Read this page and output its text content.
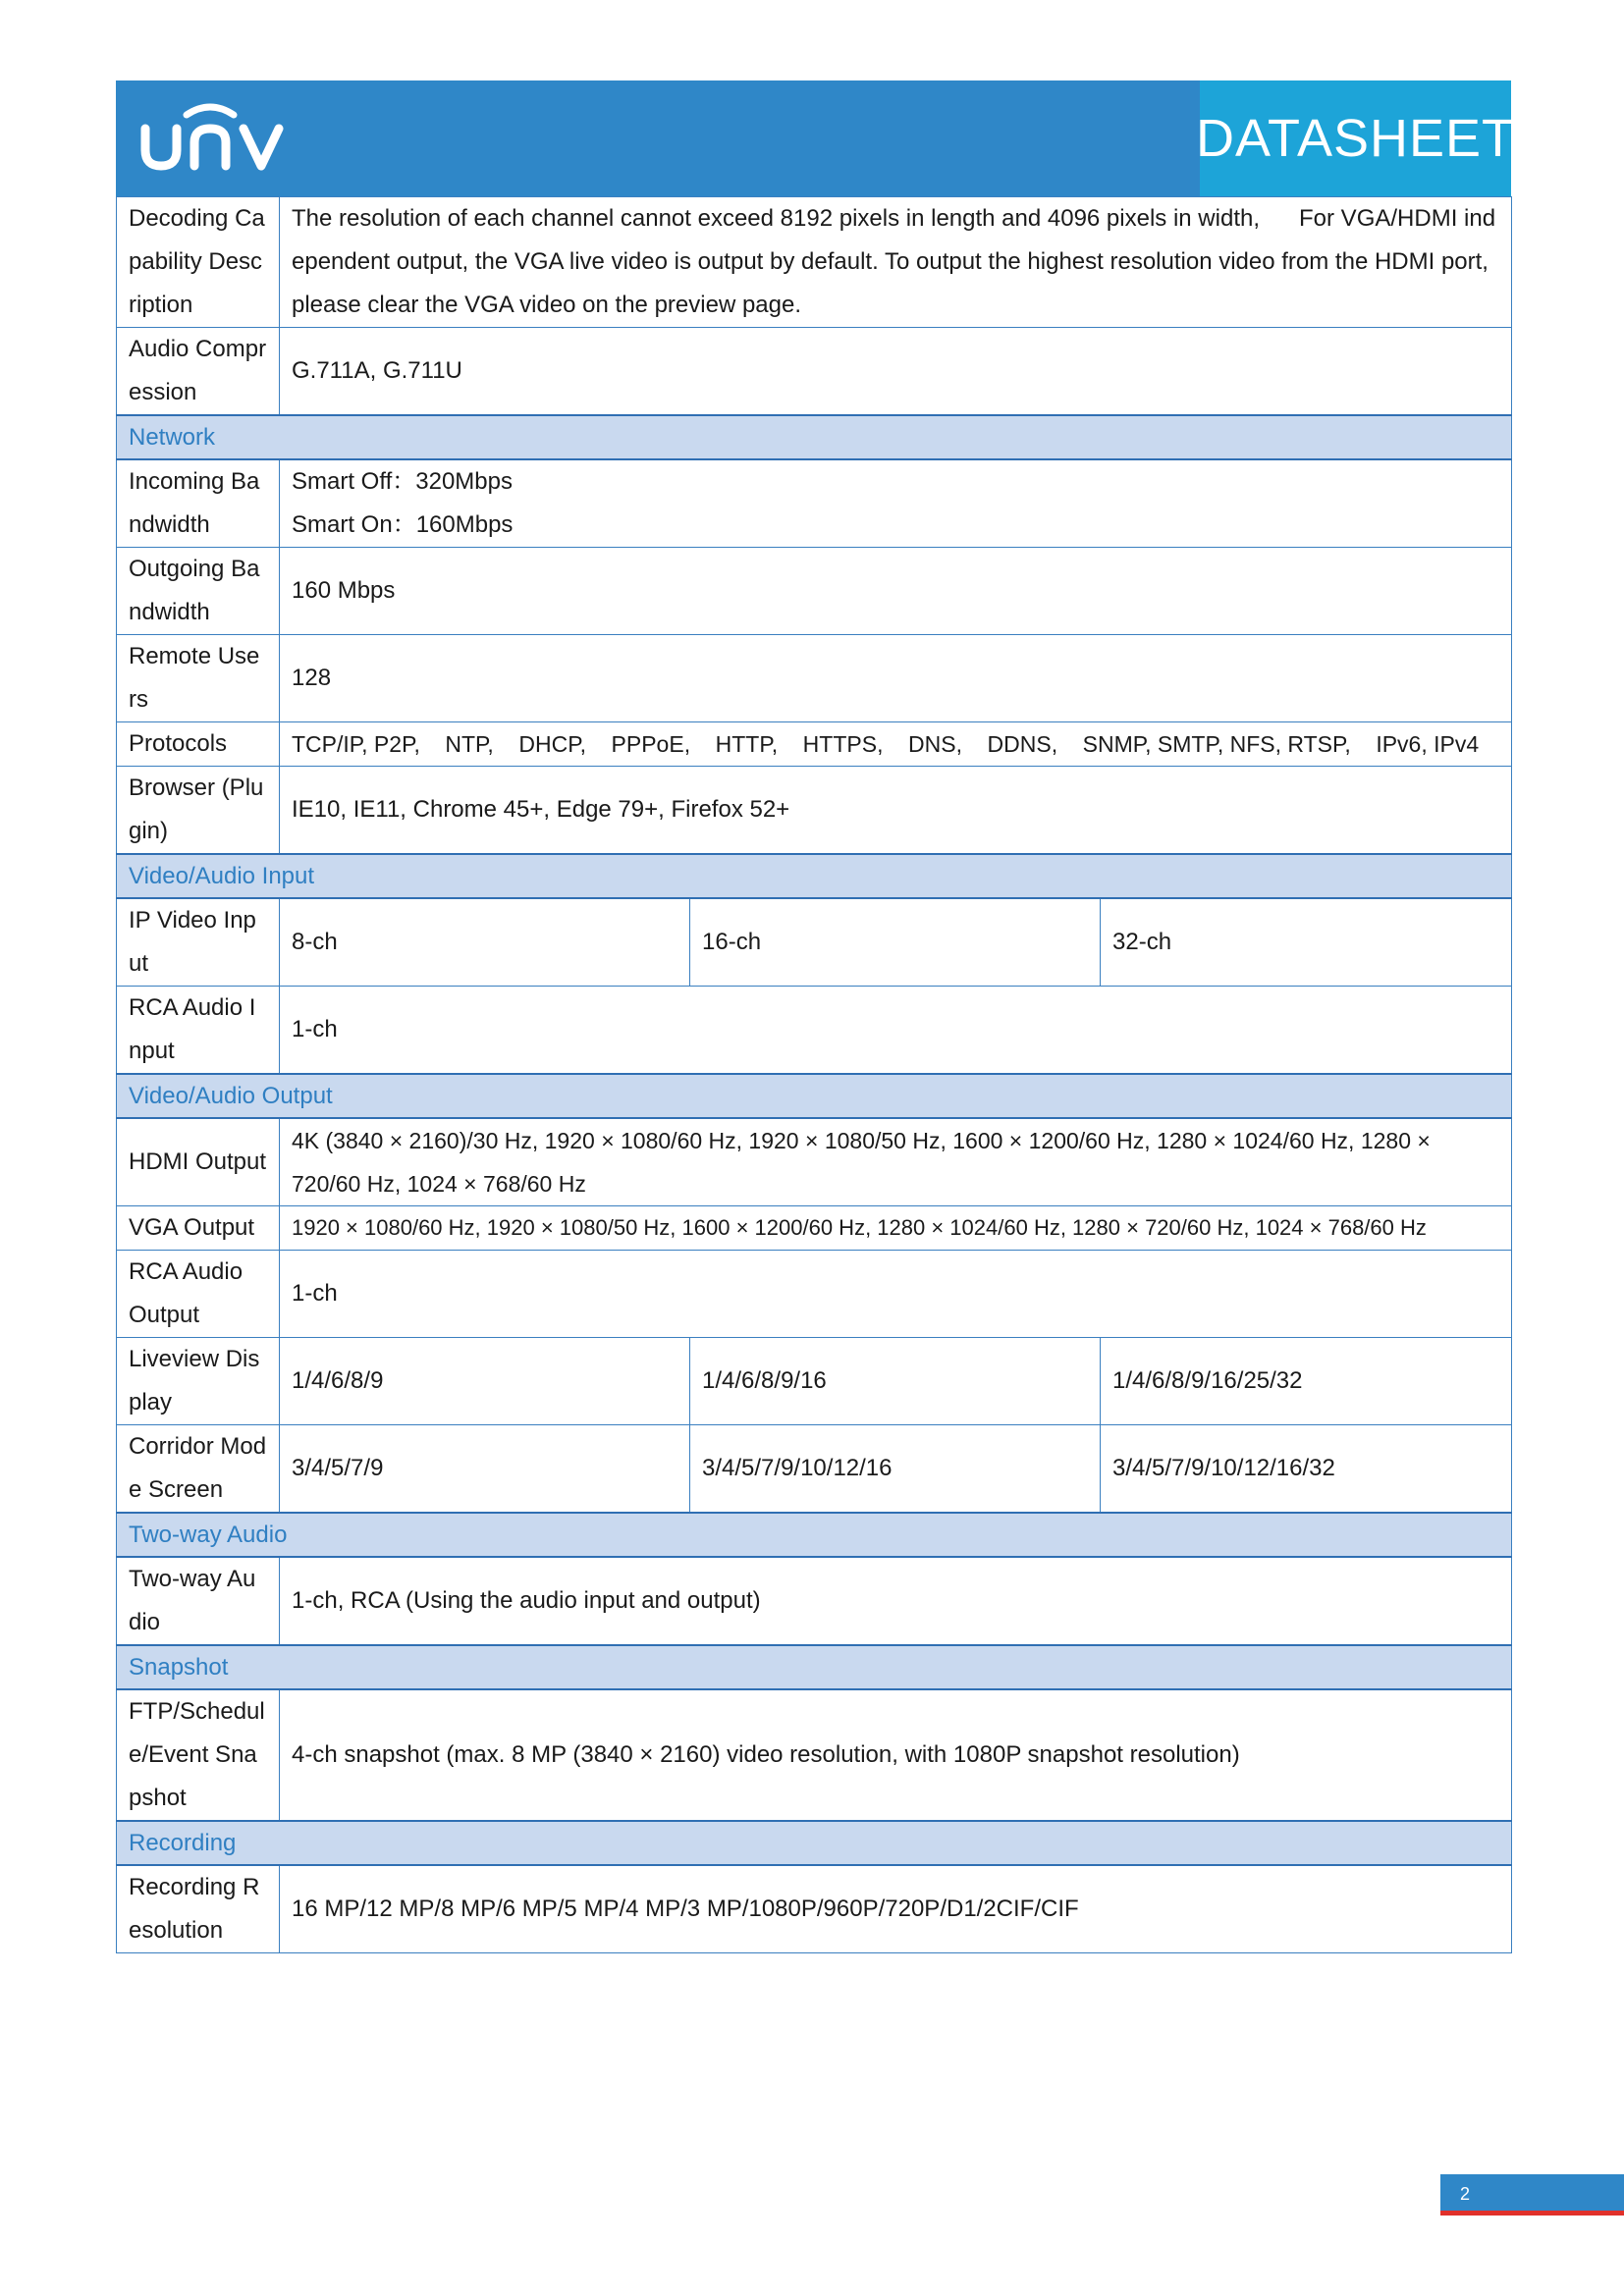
DATASHEET
Decoding Capability Description	The resolution of each channel cannot exceed 8192 pixels in length and 4096 pixels in width,      For VGA/HDMI independent output, the VGA live video is output by default. To output the highest resolution video from the HDMI port, please clear the VGA video on the preview page.		
Audio Compression	G.711A, G.711U		
Network			
Incoming Bandwidth	Smart Off：320Mbps
Smart On：160Mbps		

Outgoing Bandwidth	160 Mbps		
Remote Users	128		
Protocols	TCP/IP, P2P,    NTP,    DHCP,    PPPoE,    HTTP,    HTTPS,    DNS,    DDNS,    SNMP, SMTP, NFS, RTSP,    IPv6, IPv4		
Browser (Plugin)	IE10, IE11, Chrome 45+, Edge 79+, Firefox 52+		
Video/Audio Input			
IP Video Input	8-ch	16-ch	32-ch
RCA Audio Input	1-ch		
Video/Audio Output			
HDMI Output	4K (3840 × 2160)/30 Hz, 1920 × 1080/60 Hz, 1920 × 1080/50 Hz, 1600 × 1200/60 Hz, 1280 × 1024/60 Hz, 1280 × 720/60 Hz, 1024 × 768/60 Hz		
VGA Output	1920 × 1080/60 Hz, 1920 × 1080/50 Hz, 1600 × 1200/60 Hz, 1280 × 1024/60 Hz, 1280 × 720/60 Hz, 1024 × 768/60 Hz		
RCA Audio Output	1-ch		
Liveview Display	1/4/6/8/9	1/4/6/8/9/16	1/4/6/8/9/16/25/32
Corridor Mode Screen	3/4/5/7/9	3/4/5/7/9/10/12/16	3/4/5/7/9/10/12/16/32
Two-way Audio			
Two-way Audio	1-ch, RCA (Using the audio input and output)		
Snapshot			
FTP/Schedule/Event Snapshot	4-ch snapshot (max. 8 MP (3840 × 2160) video resolution, with 1080P snapshot resolution)		
Recording			
Recording Resolution	16 MP/12 MP/8 MP/6 MP/5 MP/4 MP/3 MP/1080P/960P/720P/D1/2CIF/CIF		
2
